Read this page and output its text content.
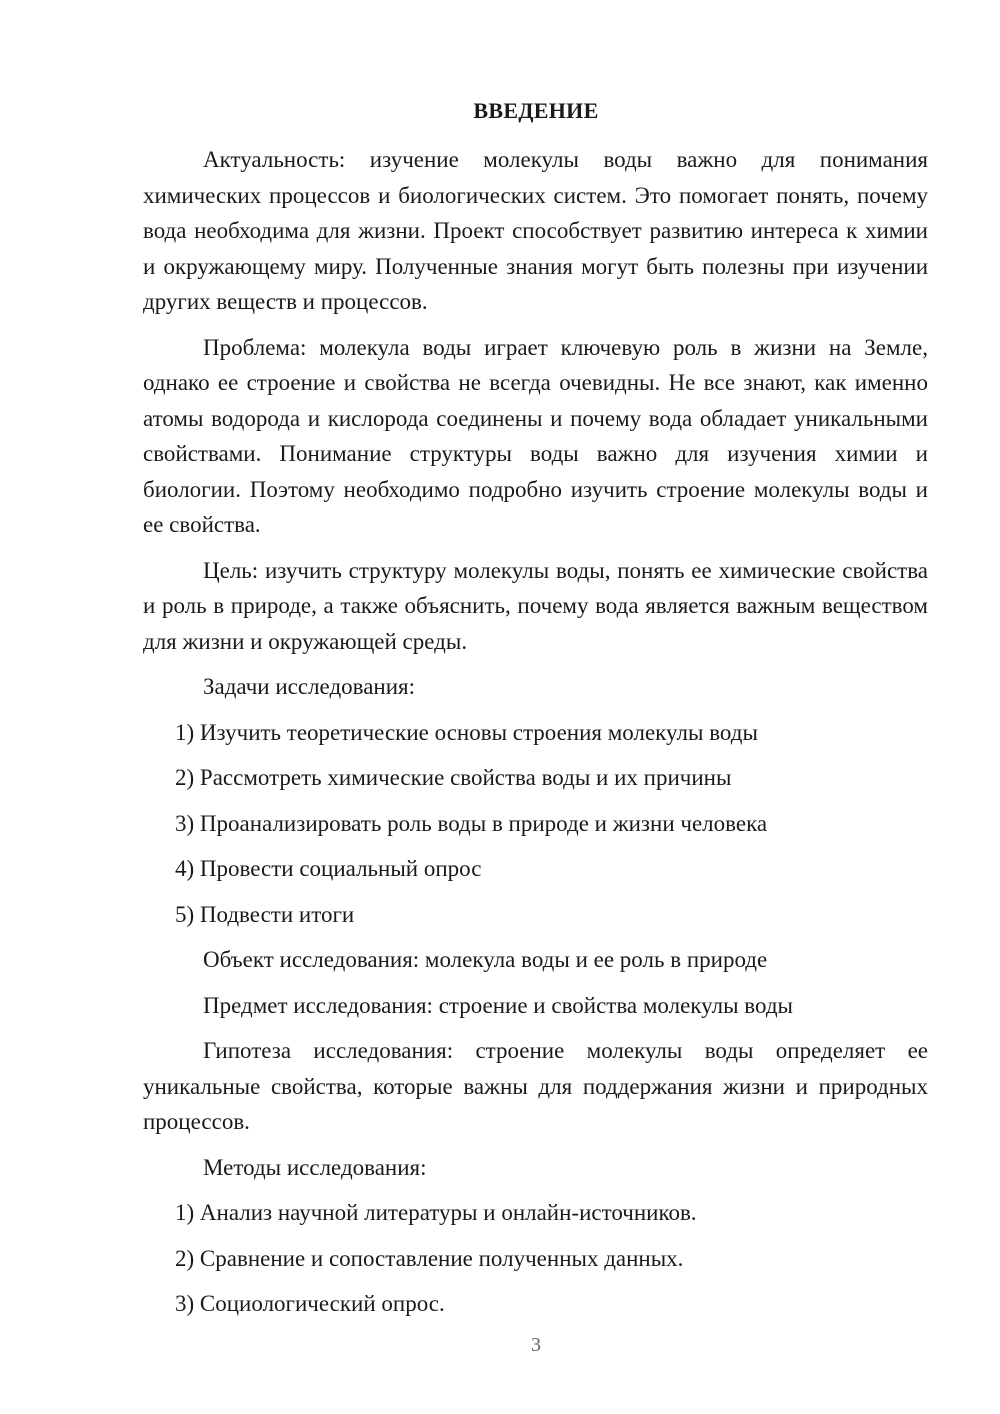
ВВЕДЕНИЕ

Актуальность: изучение молекулы воды важно для понимания химических процессов и биологических систем. Это помогает понять, почему вода необходима для жизни. Проект способствует развитию интереса к химии и окружающему миру. Полученные знания могут быть полезны при изучении других веществ и процессов.

Проблема: молекула воды играет ключевую роль в жизни на Земле, однако ее строение и свойства не всегда очевидны. Не все знают, как именно атомы водорода и кислорода соединены и почему вода обладает уникальными свойствами. Понимание структуры воды важно для изучения химии и биологии. Поэтому необходимо подробно изучить строение молекулы воды и ее свойства.

Цель: изучить структуру молекулы воды, понять ее химические свойства и роль в природе, а также объяснить, почему вода является важным веществом для жизни и окружающей среды.

Задачи исследования:
1) Изучить теоретические основы строения молекулы воды
2) Рассмотреть химические свойства воды и их причины
3) Проанализировать роль воды в природе и жизни человека
4) Провести социальный опрос
5) Подвести итоги
Объект исследования: молекула воды и ее роль в природе
Предмет исследования: строение и свойства молекулы воды

Гипотеза исследования: строение молекулы воды определяет ее уникальные свойства, которые важны для поддержания жизни и природных процессов.

Методы исследования:
1) Анализ научной литературы и онлайн-источников.
2) Сравнение и сопоставление полученных данных.
3) Социологический опрос.
3
